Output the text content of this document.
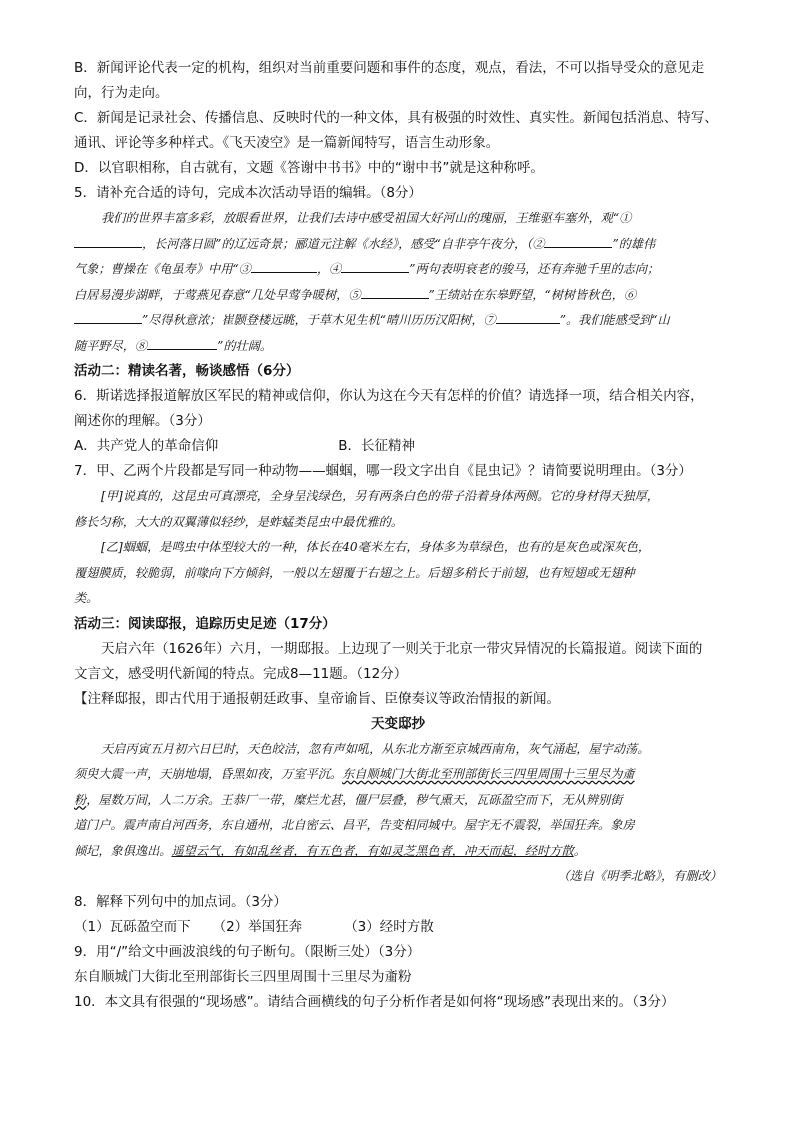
B．新闻评论代表一定的机构，组织对当前重要问题和事件的态度，观点，看法，不可以指导受众的意见走
向，行为走向。
C．新闻是记录社会、传播信息、反映时代的一种文体，具有极强的时效性、真实性。新闻包括消息、特写、
通讯、评论等多种样式。《飞天凌空》是一篇新闻特写，语言生动形象。
D．以官职相称，自古就有，文题《答谢中书书》中的“谢中书”就是这种称呼。
5．请补充合适的诗句，完成本次活动导语的编辑。（8分）
我们的世界丰富多彩，放眼看世界，让我们去诗中感受祖国大好河山的瑰丽，王维驱车塞外，观“①
，长河落日圆”的辽远奇景；郦道元注解《水经》，感受“自非亭午夜分，（②	”的雄伟
气象；曹操在《龟虽寿》中用“③	，④	”两句表明衰老的骏马，还有奔驰千里的志向；
白居易漫步湖畔，于莺燕见春意“几处早莺争暖树，⑤	”王绩站在东皋野望，“树树皆秋色，⑥
”尽得秋意浓；崔颢登楼远眺，于草木见生机“晴川历历汉阳树，⑦	”。我们能感受到“山
随平野尽，⑧	”的壮阔。
活动二：精读名著，畅谈感悟（6分）
6．斯诺选择报道解放区军民的精神或信仰，你认为这在今天有怎样的价值？请选择一项，结合相关内容，
阐述你的理解。（3分）
A．共产党人的革命信仰	B．长征精神
7．甲、乙两个片段都是写同一种动物——蝈蝈，哪一段文字出自《昆虫记》？请简要说明理由。（3分）
[甲]说真的，这昆虫可真漂亮，全身呈浅绿色，另有两条白色的带子沿着身体两侧。它的身材得天独厚，
修长匀称，大大的双翼薄似轻纱，是蚱蜢类昆虫中最优雅的。
[乙]蝈蝈，是鸣虫中体型较大的一种，体长在40毫米左右，身体多为草绿色，也有的是灰色或深灰色，
覆翅膜质，较脆弱，前喙向下方倾斜，一般以左翅覆于右翅之上。后翅多稍长于前翅，也有短翅或无翅种
类。
活动三：阅读邸报，追踪历史足迹（17分）
天启六年（1626年）六月，一期邸报。上边现了一则关于北京一带灾异情况的长篇报道。阅读下面的
文言文，感受明代新闻的特点。完成8—11题。（12分）
【注释邸报，即古代用于通报朝廷政事、皇帝谕旨、臣僚奏议等政治情报的新闻。
天变邸抄
天启丙寅五月初六日巳时，天色皎洁，忽有声如吼，从东北方渐至京城西南角，灰气涌起，屋宇动荡。
须臾大震一声，天崩地塌，昏黑如夜，万室平沉。东自顺城门大街北至刑部街长三四里周围十三里尽为齑
粉，屋数万间，人二万余。王恭厂一带，糜烂尤甚，僵尸层叠，秽气熏天，瓦砾盈空而下，无从辨别街
道门户。震声南自河西务，东自通州，北自密云、昌平，告变相同城中。屋宇无不震裂，举国狂奔。象房
倾圮，象俱逸出。遥望云气，有如乱丝者，有五色者，有如灵芝黑色者，冲天而起，经时方散。
（选自《明季北略》，有删改）
8．解释下列句中的加点词。（3分）
（1）瓦砾盈空而下 （2）举国狂奔	（3）经时方散
9．用“/”给文中画波浪线的句子断句。（限断三处）（3分）
东自顺城门大街北至刑部街长三四里周围十三里尽为齑粉
10．本文具有很强的“现场感”。请结合画横线的句子分析作者是如何将“现场感”表现出来的。（3分）
